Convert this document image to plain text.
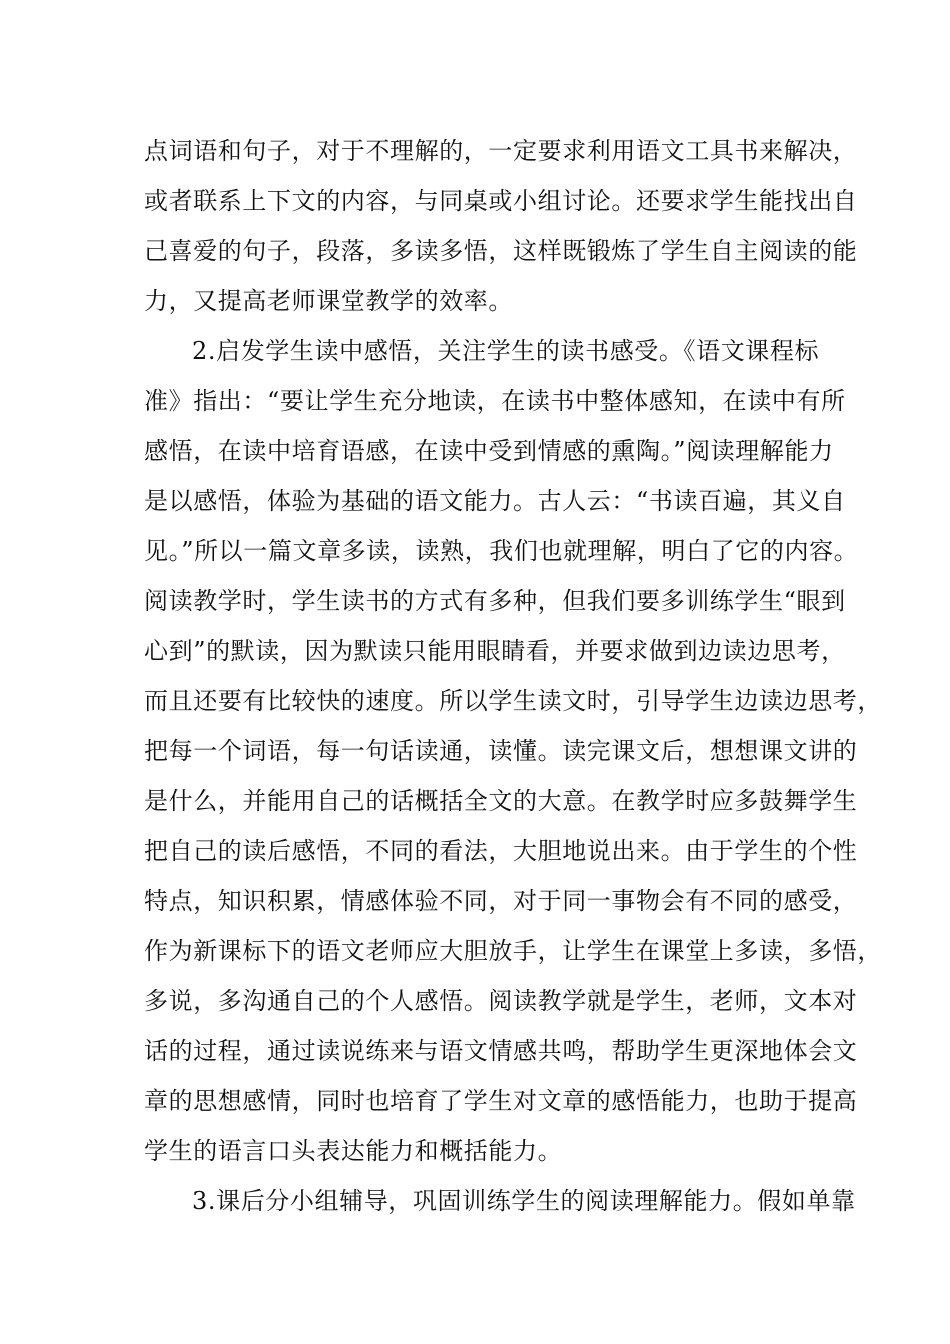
点词语和句子，对于不理解的，一定要求利用语文工具书来解决，

或者联系上下文的内容，与同桌或小组讨论。还要求学生能找出自

己喜爱的句子，段落，多读多悟，这样既锻炼了学生自主阅读的能

力，又提高老师课堂教学的效率。

2.启发学生读中感悟，关注学生的读书感受。《语文课程标

准》指出：“要让学生充分地读，在读书中整体感知，在读中有所

感悟，在读中培育语感，在读中受到情感的熏陶。”阅读理解能力

是以感悟，体验为基础的语文能力。古人云：“书读百遍，其义自

见。”所以一篇文章多读，读熟，我们也就理解，明白了它的内容。

阅读教学时，学生读书的方式有多种，但我们要多训练学生“眼到

心到”的默读，因为默读只能用眼睛看，并要求做到边读边思考，

而且还要有比较快的速度。所以学生读文时，引导学生边读边思考，

把每一个词语，每一句话读通，读懂。读完课文后，想想课文讲的

是什么，并能用自己的话概括全文的大意。在教学时应多鼓舞学生

把自己的读后感悟，不同的看法，大胆地说出来。由于学生的个性

特点，知识积累，情感体验不同，对于同一事物会有不同的感受，

作为新课标下的语文老师应大胆放手，让学生在课堂上多读，多悟，

多说，多沟通自己的个人感悟。阅读教学就是学生，老师，文本对

话的过程，通过读说练来与语文情感共鸣，帮助学生更深地体会文

章的思想感情，同时也培育了学生对文章的感悟能力，也助于提高

学生的语言口头表达能力和概括能力。

3.课后分小组辅导，巩固训练学生的阅读理解能力。假如单靠
